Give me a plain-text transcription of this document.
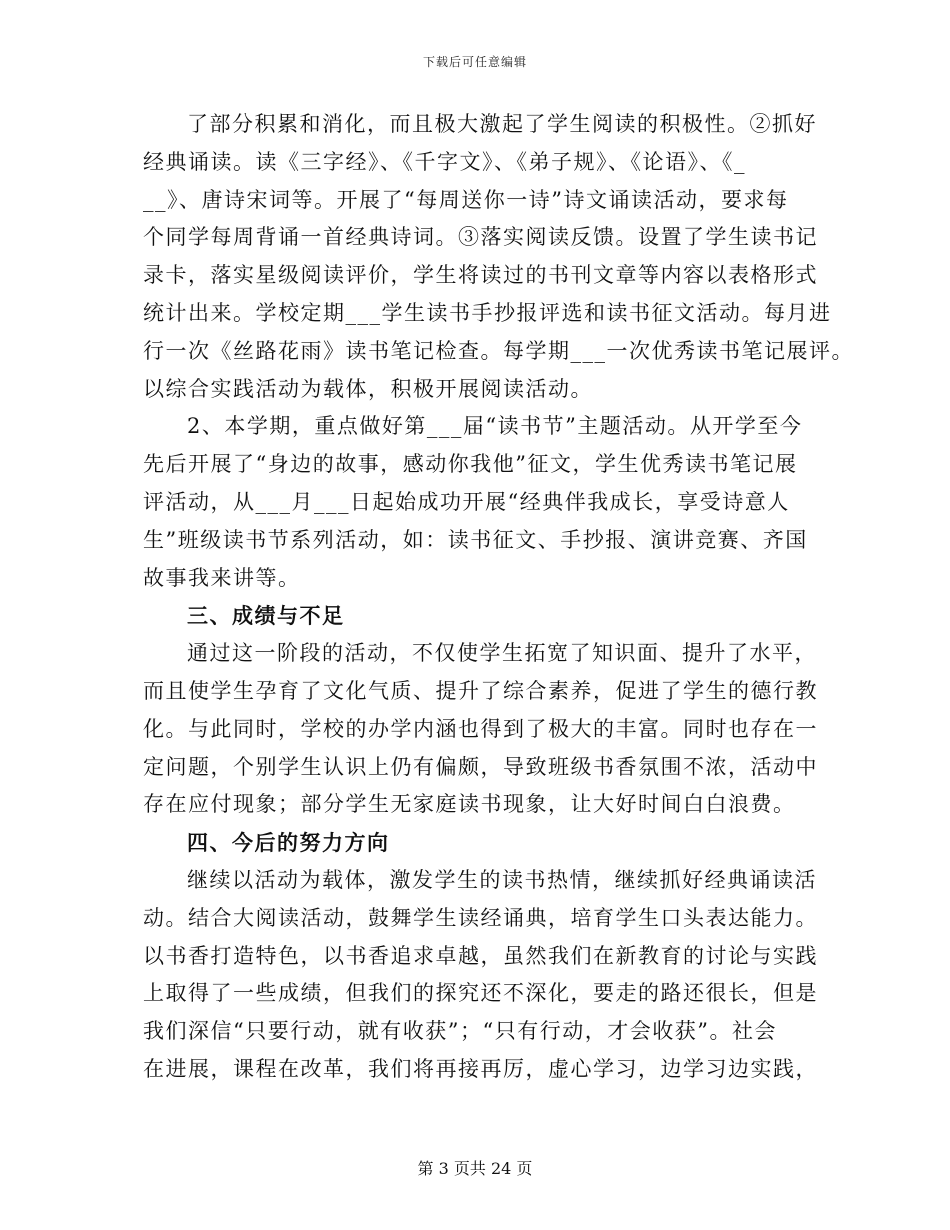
下载后可任意编辑
了部分积累和消化，而且极大激起了学生阅读的积极性。②抓好
经典诵读。读《三字经》、《千字文》、《弟子规》、《论语》、《_
__》、唐诗宋词等。开展了“每周送你一诗”诗文诵读活动，要求每
个同学每周背诵一首经典诗词。③落实阅读反馈。设置了学生读书记
录卡，落实星级阅读评价，学生将读过的书刊文章等内容以表格形式
统计出来。学校定期___学生读书手抄报评选和读书征文活动。每月进
行一次《丝路花雨》读书笔记检查。每学期___一次优秀读书笔记展评。
以综合实践活动为载体，积极开展阅读活动。
2、本学期，重点做好第___届“读书节”主题活动。从开学至今
先后开展了“身边的故事，感动你我他”征文，学生优秀读书笔记展
评活动，从___月___日起始成功开展“经典伴我成长，享受诗意人
生”班级读书节系列活动，如：读书征文、手抄报、演讲竞赛、齐国
故事我来讲等。
三、成绩与不足
通过这一阶段的活动，不仅使学生拓宽了知识面、提升了水平，
而且使学生孕育了文化气质、提升了综合素养，促进了学生的德行教
化。与此同时，学校的办学内涵也得到了极大的丰富。同时也存在一
定问题，个别学生认识上仍有偏颇，导致班级书香氛围不浓，活动中
存在应付现象；部分学生无家庭读书现象，让大好时间白白浪费。
四、今后的努力方向
继续以活动为载体，激发学生的读书热情，继续抓好经典诵读活
动。结合大阅读活动，鼓舞学生读经诵典，培育学生口头表达能力。
以书香打造特色，以书香追求卓越，虽然我们在新教育的讨论与实践
上取得了一些成绩，但我们的探究还不深化，要走的路还很长，但是
我们深信“只要行动，就有收获”；“只有行动，才会收获”。社会
在进展，课程在改革，我们将再接再厉，虚心学习，边学习边实践，
第 3 页共 24 页
